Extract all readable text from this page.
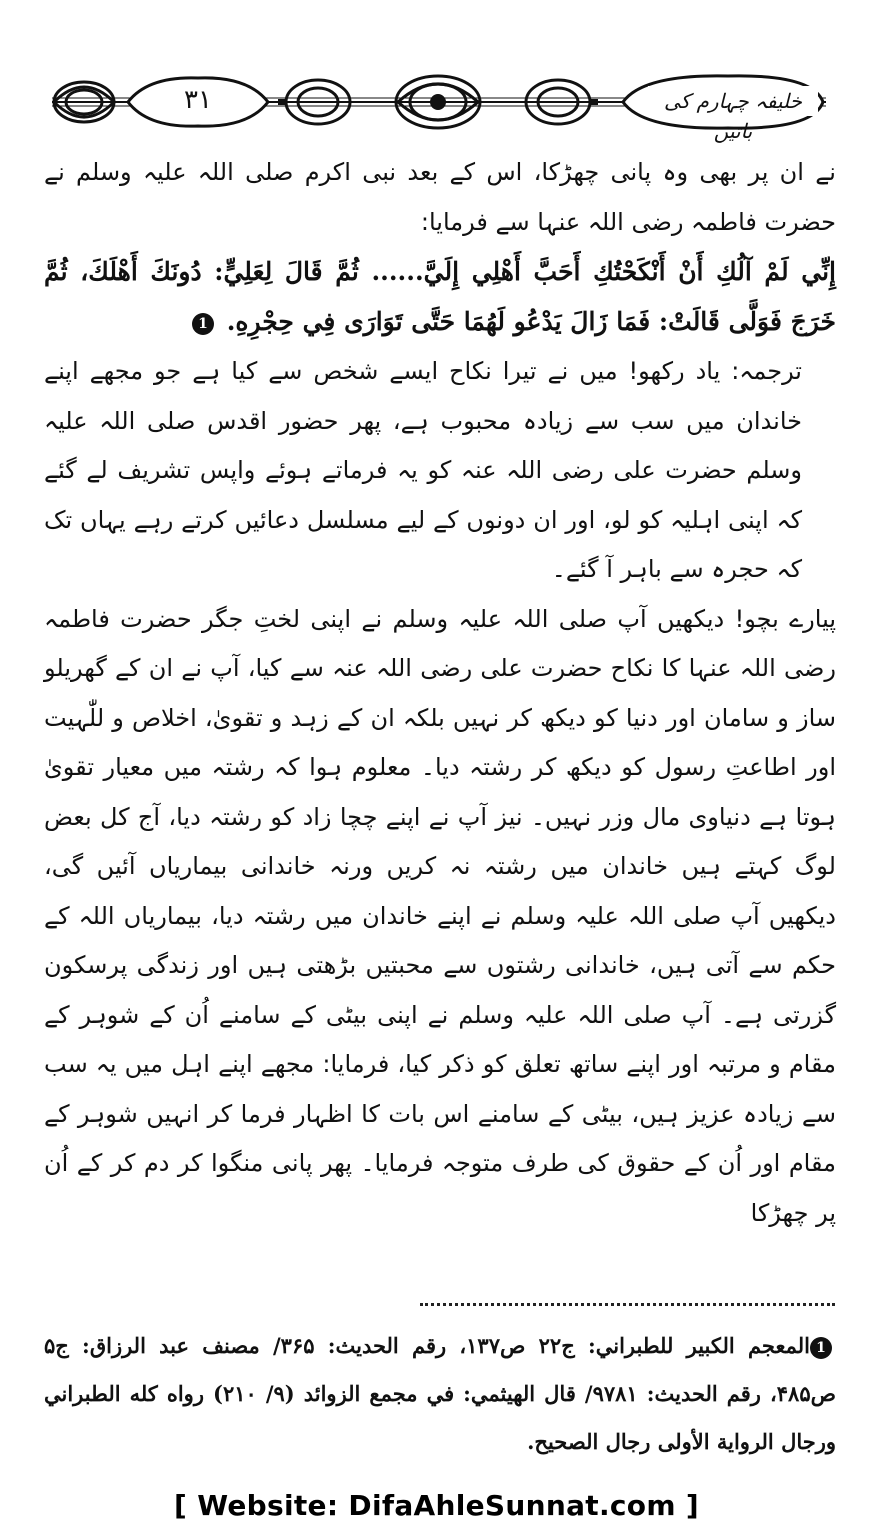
۳۱	خلیفہ چہارم کی باتیں

نے ان پر بھی وہ پانی چھڑکا، اس کے بعد نبی اکرم صلی اللہ علیہ وسلم نے حضرت فاطمہ رضی اللہ عنہا سے فرمایا:

إِنِّي لَمْ آلُكِ أَنْ أَنْكَحْتُكِ أَحَبَّ أَهْلِي إِلَيَّ...... ثُمَّ قَالَ لِعَلِيٍّ: دُونَكَ أَهْلَكَ، ثُمَّ خَرَجَ فَوَلَّى قَالَتْ: فَمَا زَالَ يَدْعُو لَهُمَا حَتَّى تَوَارَى فِي حِجْرِهِ. 1

ترجمہ: یاد رکھو! میں نے تیرا نکاح ایسے شخص سے کیا ہے جو مجھے اپنے خاندان میں سب سے زیادہ محبوب ہے، پھر حضور اقدس صلی اللہ علیہ وسلم حضرت علی رضی اللہ عنہ کو یہ فرماتے ہوئے واپس تشریف لے گئے کہ اپنی اہلیہ کو لو، اور ان دونوں کے لیے مسلسل دعائیں کرتے رہے یہاں تک کہ حجرہ سے باہر آ گئے۔

پیارے بچو! دیکھیں آپ صلی اللہ علیہ وسلم نے اپنی لختِ جگر حضرت فاطمہ رضی اللہ عنہا کا نکاح حضرت علی رضی اللہ عنہ سے کیا، آپ نے ان کے گھریلو ساز و سامان اور دنیا کو دیکھ کر نہیں بلکہ ان کے زہد و تقویٰ، اخلاص و للّٰہیت اور اطاعتِ رسول کو دیکھ کر رشتہ دیا۔ معلوم ہوا کہ رشتہ میں معیار تقویٰ ہوتا ہے دنیاوی مال وزر نہیں۔ نیز آپ نے اپنے چچا زاد کو رشتہ دیا، آج کل بعض لوگ کہتے ہیں خاندان میں رشتہ نہ کریں ورنہ خاندانی بیماریاں آئیں گی، دیکھیں آپ صلی اللہ علیہ وسلم نے اپنے خاندان میں رشتہ دیا، بیماریاں اللہ کے حکم سے آتی ہیں، خاندانی رشتوں سے محبتیں بڑھتی ہیں اور زندگی پرسکون گزرتی ہے۔ آپ صلی اللہ علیہ وسلم نے اپنی بیٹی کے سامنے اُن کے شوہر کے مقام و مرتبہ اور اپنے ساتھ تعلق کو ذکر کیا، فرمایا: مجھے اپنے اہل میں یہ سب سے زیادہ عزیز ہیں، بیٹی کے سامنے اس بات کا اظہار فرما کر انہیں شوہر کے مقام اور اُن کے حقوق کی طرف متوجہ فرمایا۔ پھر پانی منگوا کر دم کر کے اُن پر چھڑکا

1المعجم الكبير للطبراني: ج۲۲ ص۱۳۷، رقم الحديث: ۳۶۵/ مصنف عبد الرزاق: ج۵ ص۴۸۵، رقم الحديث: ۹۷۸۱/ قال الهيثمي: في مجمع الزوائد (۹/ ۲۱۰) رواه كله الطبراني ورجال الرواية الأولى رجال الصحيح.

[ Website: DifaAhleSunnat.com ]
